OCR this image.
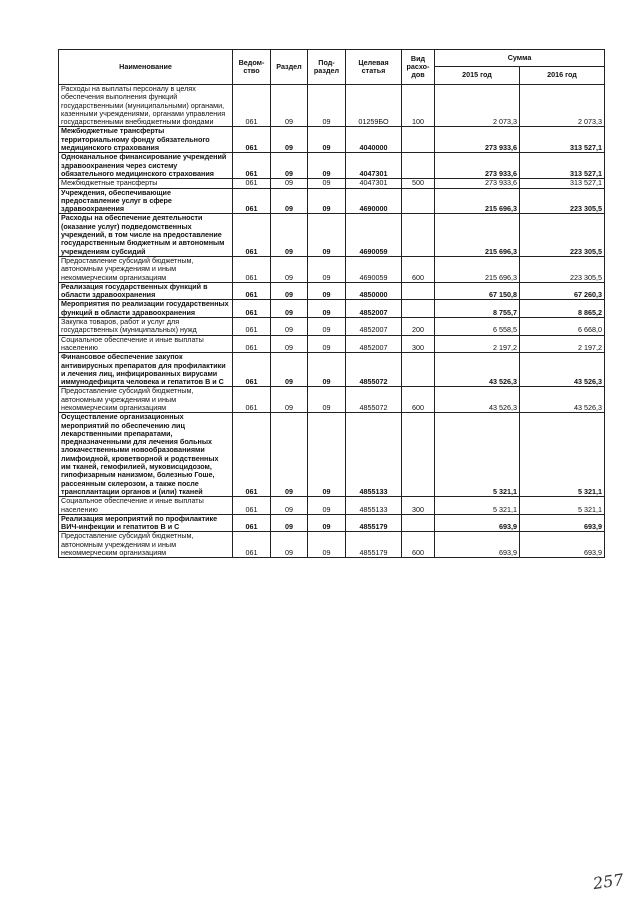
Наименование	Ведом-ство	Раздел	Под-раздел	Целевая статья	Вид расхо-дов	Сумма	
						2015 год	2016 год
Расходы на выплаты персоналу в целях обеспечения выполнения функций государственными (муниципальными) органами, казенными учреждениями, органами управления государственными внебюджетными фондами	061	09	09	01259БО	100	2 073,3	2 073,3
Межбюджетные трансферты территориальному фонду обязательного медицинского страхования	061	09	09	4040000		273 933,6	313 527,1
Одноканальное финансирование учреждений здравоохранения через систему обязательного медицинского страхования	061	09	09	4047301		273 933,6	313 527,1
Межбюджетные трансферты	061	09	09	4047301	500	273 933,6	313 527,1
Учреждения, обеспечивающие предоставление услуг в сфере здравоохранения	061	09	09	4690000		215 696,3	223 305,5
Расходы на обеспечение деятельности (оказание услуг) подведомственных учреждений, в том числе на предоставление государственным бюджетным и автономным учреждениям субсидий	061	09	09	4690059		215 696,3	223 305,5
Предоставление субсидий бюджетным, автономным учреждениям и иным некоммерческим организациям	061	09	09	4690059	600	215 696,3	223 305,5
Реализация государственных функций в области здравоохранения	061	09	09	4850000		67 150,8	67 260,3
Мероприятия по реализации государственных функций в области здравоохранения	061	09	09	4852007		8 755,7	8 865,2
Закупка товаров, работ и услуг для государственных (муниципальных) нужд	061	09	09	4852007	200	6 558,5	6 668,0
Социальное обеспечение и иные выплаты населению	061	09	09	4852007	300	2 197,2	2 197,2
Финансовое обеспечение закупок антивирусных препаратов для профилактики и лечения лиц, инфицированных вирусами иммунодефицита человека и гепатитов В и С	061	09	09	4855072		43 526,3	43 526,3
Предоставление субсидий бюджетным, автономным учреждениям и иным некоммерческим организациям	061	09	09	4855072	600	43 526,3	43 526,3
Осуществление организационных мероприятий по обеспечению лиц лекарственными препаратами, предназначенными для лечения больных злокачественными новообразованиями лимфоидной, кроветворной и родственных им тканей, гемофилией, муковисцидозом, гипофизарным нанизмом, болезнью Гоше, рассеянным склерозом, а также после трансплантации органов и (или) тканей	061	09	09	4855133		5 321,1	5 321,1
Социальное обеспечение и иные выплаты населению	061	09	09	4855133	300	5 321,1	5 321,1
Реализация мероприятий по профилактике ВИЧ-инфекции и гепатитов В и С	061	09	09	4855179		693,9	693,9
Предоставление субсидий бюджетным, автономным учреждениям и иным некоммерческим организациям	061	09	09	4855179	600	693,9	693,9
257
